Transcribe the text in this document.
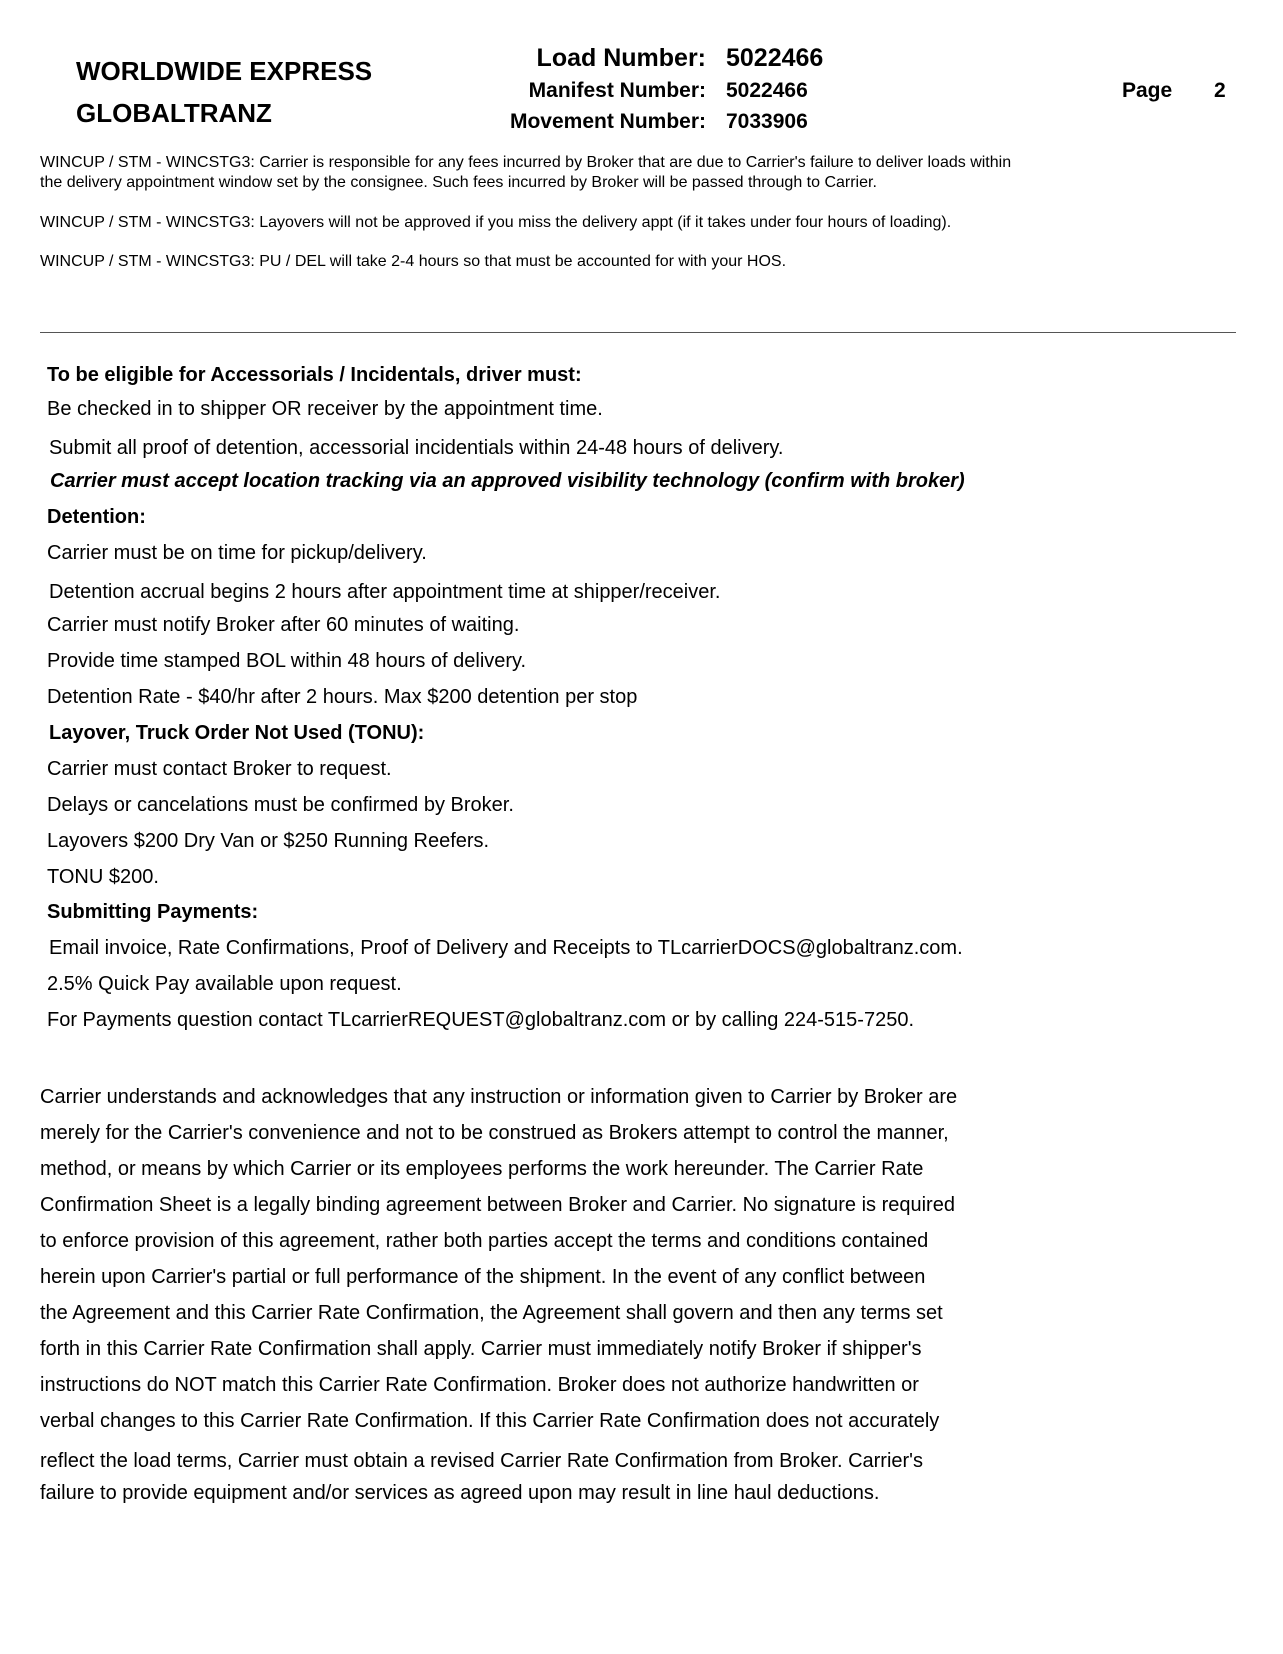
WORLDWIDE EXPRESS
GLOBALTRANZ
Load Number: 5022466
Manifest Number: 5022466
Movement Number: 7033906
Page 2
WINCUP / STM - WINCSTG3: Carrier is responsible for any fees incurred by Broker that are due to Carrier's failure to deliver loads within
the delivery appointment window set by the consignee. Such fees incurred by Broker will be passed through to Carrier.
WINCUP / STM - WINCSTG3: Layovers will not be approved if you miss the delivery appt (if it takes under four hours of loading).
WINCUP / STM - WINCSTG3: PU / DEL will take 2-4 hours so that must be accounted for with your HOS.
To be eligible for Accessorials / Incidentals, driver must:
Be checked in to shipper OR receiver by the appointment time.
Submit all proof of detention, accessorial incidentials within 24-48 hours of delivery.
Carrier must accept location tracking via an approved visibility technology (confirm with broker)
Detention:
Carrier must be on time for pickup/delivery.
Detention accrual begins 2 hours after appointment time at shipper/receiver.
Carrier must notify Broker after 60 minutes of waiting.
Provide time stamped BOL within 48 hours of delivery.
Detention Rate - $40/hr after 2 hours. Max $200 detention per stop
Layover, Truck Order Not Used (TONU):
Carrier must contact Broker to request.
Delays or cancelations must be confirmed by Broker.
Layovers $200 Dry Van or $250 Running Reefers.
TONU $200.
Submitting Payments:
Email invoice, Rate Confirmations, Proof of Delivery and Receipts to TLcarrierDOCS@globaltranz.com.
2.5% Quick Pay available upon request.
For Payments question contact TLcarrierREQUEST@globaltranz.com or by calling 224-515-7250.
Carrier understands and acknowledges that any instruction or information given to Carrier by Broker are
merely for the Carrier's convenience and not to be construed as Brokers attempt to control the manner,
method, or means by which Carrier or its employees performs the work hereunder. The Carrier Rate
Confirmation Sheet is a legally binding agreement between Broker and Carrier. No signature is required
to enforce provision of this agreement, rather both parties accept the terms and conditions contained
herein upon Carrier's partial or full performance of the shipment. In the event of any conflict between
the Agreement and this Carrier Rate Confirmation, the Agreement shall govern and then any terms set
forth in this Carrier Rate Confirmation shall apply. Carrier must immediately notify Broker if shipper's
instructions do NOT match this Carrier Rate Confirmation. Broker does not authorize handwritten or
verbal changes to this Carrier Rate Confirmation. If this Carrier Rate Confirmation does not accurately
reflect the load terms, Carrier must obtain a revised Carrier Rate Confirmation from Broker. Carrier's
failure to provide equipment and/or services as agreed upon may result in line haul deductions.
